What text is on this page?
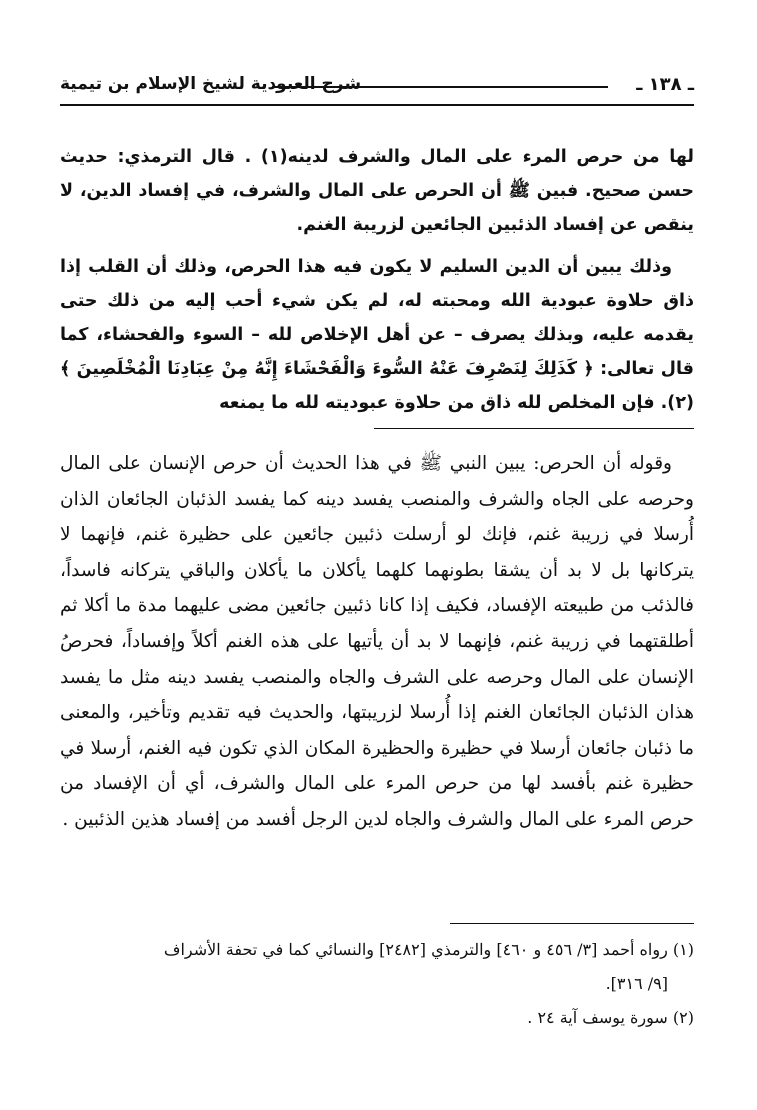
ـ ١٣٨ ـ
شرح العبودية لشيخ الإسلام بن تيمية

لها من حرص المرء على المال والشرف لدينه(١) . قال الترمذي: حديث حسن صحيح. فبين ﷺ أن الحرص على المال والشرف، في إفساد الدين، لا ينقص عن إفساد الذئبين الجائعين لزريبة الغنم.

وذلك يبين أن الدين السليم لا يكون فيه هذا الحرص، وذلك أن القلب إذا ذاق حلاوة عبودية الله ومحبته له، لم يكن شيء أحب إليه من ذلك حتى يقدمه عليه، وبذلك يصرف – عن أهل الإخلاص لله – السوء والفحشاء، كما قال تعالى: ﴿ كَذَلِكَ لِنَصْرِفَ عَنْهُ السُّوءَ وَالْفَحْشَاءَ إِنَّهُ مِنْ عِبَادِنَا الْمُخْلَصِينَ ﴾(٢). فإن المخلص لله ذاق من حلاوة عبوديته لله ما يمنعه

وقوله أن الحرص: يبين النبي ﷺ في هذا الحديث أن حرص الإنسان على المال وحرصه على الجاه والشرف والمنصب يفسد دينه كما يفسد الذئبان الجائعان الذان أُرسلا في زريبة غنم، فإنك لو أرسلت ذئبين جائعين على حظيرة غنم، فإنهما لا يتركانها بل لا بد أن يشقا بطونهما كلهما يأكلان ما يأكلان والباقي يتركانه فاسداً، فالذئب من طبيعته الإفساد، فكيف إذا كانا ذئبين جائعين مضى عليهما مدة ما أكلا ثم أطلقتهما في زريبة غنم، فإنهما لا بد أن يأتيها على هذه الغنم أكلاً وإفساداً، فحرصُ الإنسان على المال وحرصه على الشرف والجاه والمنصب يفسد دينه مثل ما يفسد هذان الذئبان الجائعان الغنم إذا أُرسلا لزريبتها، والحديث فيه تقديم وتأخير، والمعنى ما ذئبان جائعان أرسلا في حظيرة والحظيرة المكان الذي تكون فيه الغنم، أرسلا في حظيرة غنم بأفسد لها من حرص المرء على المال والشرف، أي أن الإفساد من حرص المرء على المال والشرف والجاه لدين الرجل أفسد من إفساد هذين الذئبين .

(١) رواه أحمد [٣/ ٤٥٦ و ٤٦٠] والترمذي [٢٤٨٢] والنسائي كما في تحفة الأشراف

[٩/ ٣١٦].

(٢) سورة يوسف آية ٢٤ .
